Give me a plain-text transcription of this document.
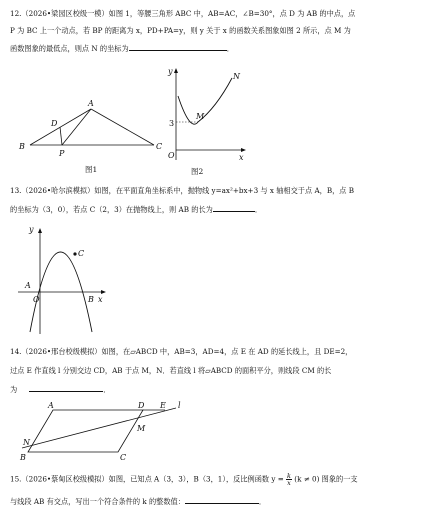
12.（2026•梁园区校级一模）如图 1，等腰三角形 ABC 中，AB=AC，∠B=30°，点 D 为 AB 的中点，点
P 为 BC 上一个动点，若 BP 的距离为 x，PD+PA=y，则 y 关于 x 的函数关系图象如图 2 所示，点 M 为
函数图象的最低点，则点 N 的坐标为	．
A
B	C
D
P
图1
y
x
O
M
N
3
图2
13.（2026•哈尔滨模拟）如图，在平面直角坐标系中，抛物线 y=ax²+bx+3 与 x 轴相交于点 A，B，点 B
的坐标为（3，0），若点 C（2，3）在抛物线上，则 AB 的长为	．
y
x
O
A
B
C
14.（2026•邢台校级模拟）如图，在▱ABCD 中，AB=3，AD=4，点 E 在 AD 的延长线上，且 DE=2，
过点 E 作直线 l 分别交边 CD，AB 于点 M，N．若直线 l 将▱ABCD 的面积平分，则线段 CM 的长
为	．
A	D E l
M
N
B	C
15.（2026•蔡甸区校级模拟）如图，已知点 A（3，3），B（3，1），反比例函数 $y = \frac{k}{x} (k \ne 0)$ 图象的一支
与线段 AB 有交点，写出一个符合条件的 k 的整数值：	．
